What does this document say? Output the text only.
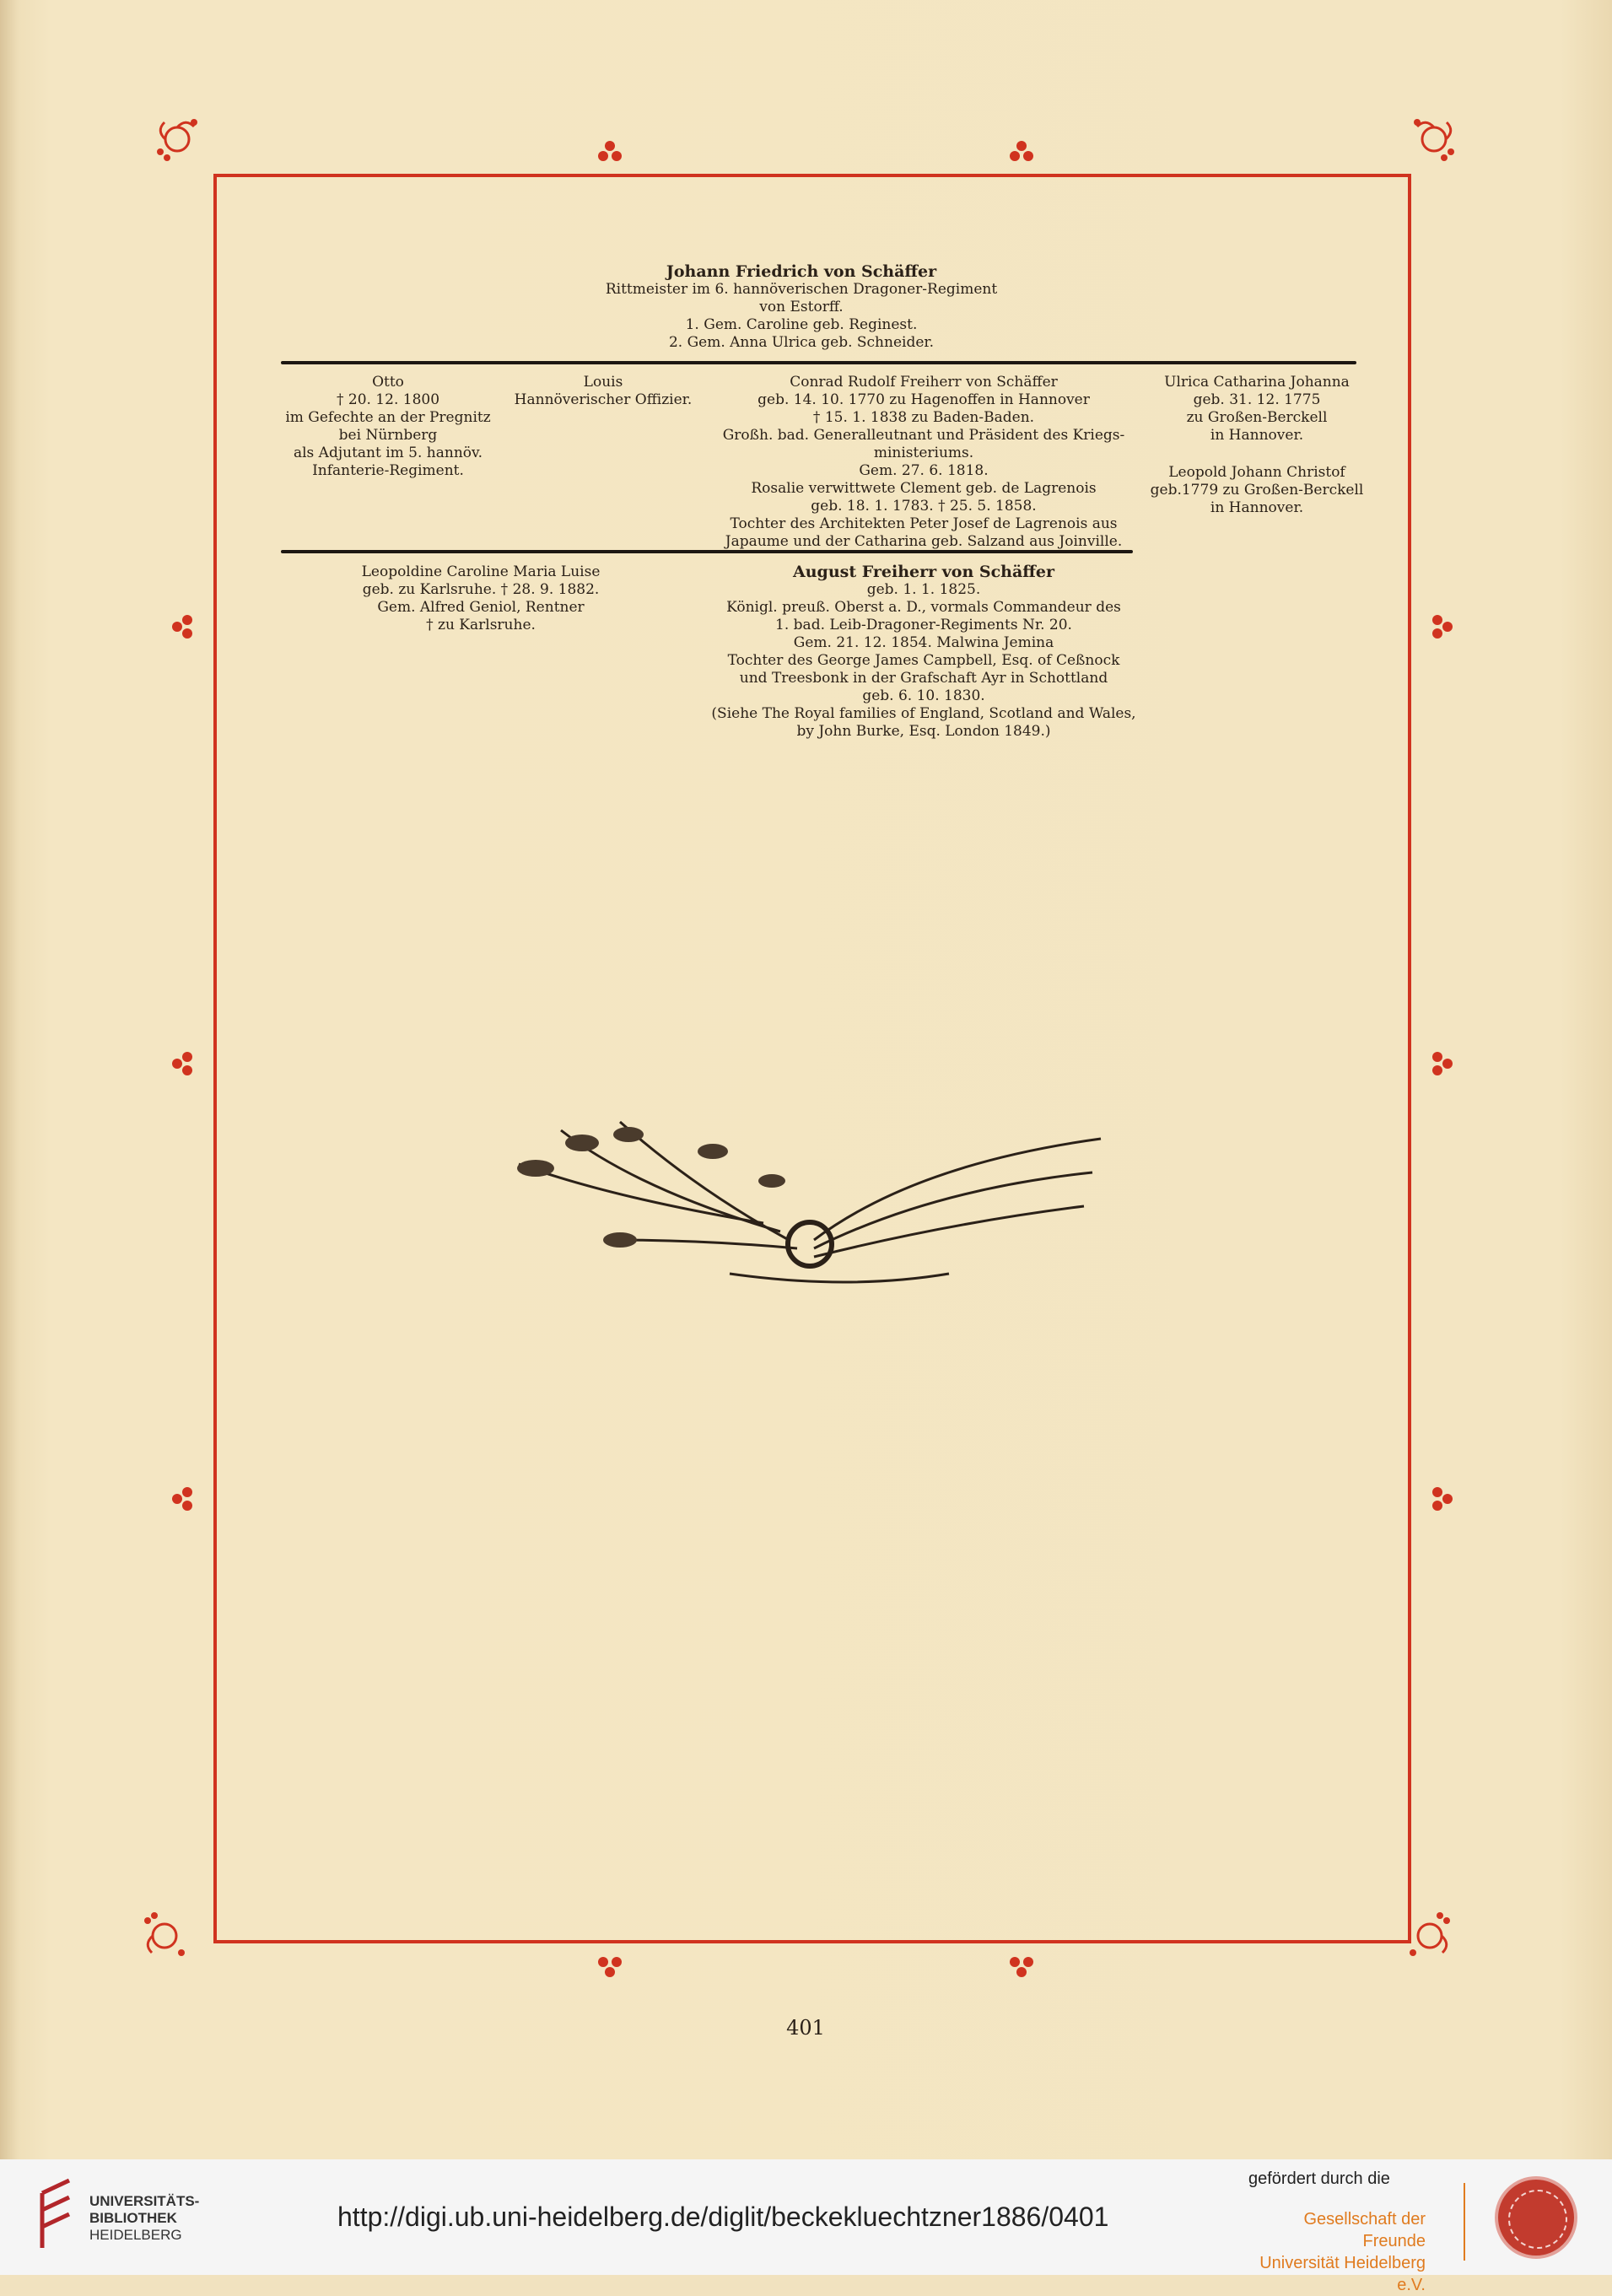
Johann Friedrich von Schäffer
Rittmeister im 6. hannöverischen Dragoner-Regiment
von Estorff.
1. Gem. Caroline geb. Reginest.
2. Gem. Anna Ulrica geb. Schneider.
Otto
† 20. 12. 1800
im Gefechte an der Pregnitz
bei Nürnberg
als Adjutant im 5. hannöv.
Infanterie-Regiment.
Louis
Hannöverischer Offizier.
Conrad Rudolf Freiherr von Schäffer
geb. 14. 10. 1770 zu Hagenoffen in Hannover
† 15. 1. 1838 zu Baden-Baden.
Großh. bad. Generalleutnant und Präsident des Kriegs-
ministeriums.
Gem. 27. 6. 1818.
Rosalie verwittwete Clement geb. de Lagrenois
geb. 18. 1. 1783. † 25. 5. 1858.
Tochter des Architekten Peter Josef de Lagrenois aus
Japaume und der Catharina geb. Salzand aus Joinville.
Ulrica Catharina Johanna
geb. 31. 12. 1775
zu Großen-Berckell
in Hannover.
Leopold Johann Christof
geb.1779 zu Großen-Berckell
in Hannover.
Leopoldine Caroline Maria Luise
geb. zu Karlsruhe. † 28. 9. 1882.
Gem. Alfred Geniol, Rentner
† zu Karlsruhe.
August Freiherr von Schäffer
geb. 1. 1. 1825.
Königl. preuß. Oberst a. D., vormals Commandeur des
1. bad. Leib-Dragoner-Regiments Nr. 20.
Gem. 21. 12. 1854. Malwina Jemina
Tochter des George James Campbell, Esq. of Ceßnock
und Treesbonk in der Grafschaft Ayr in Schottland
geb. 6. 10. 1830.
(Siehe The Royal families of England, Scotland and Wales,
by John Burke, Esq. London 1849.)
401
UNIVERSITÄTS-
BIBLIOTHEK
HEIDELBERG
http://digi.ub.uni-heidelberg.de/diglit/beckekluechtzner1886/0401
gefördert durch die
Gesellschaft der Freunde
Universität Heidelberg e.V.
